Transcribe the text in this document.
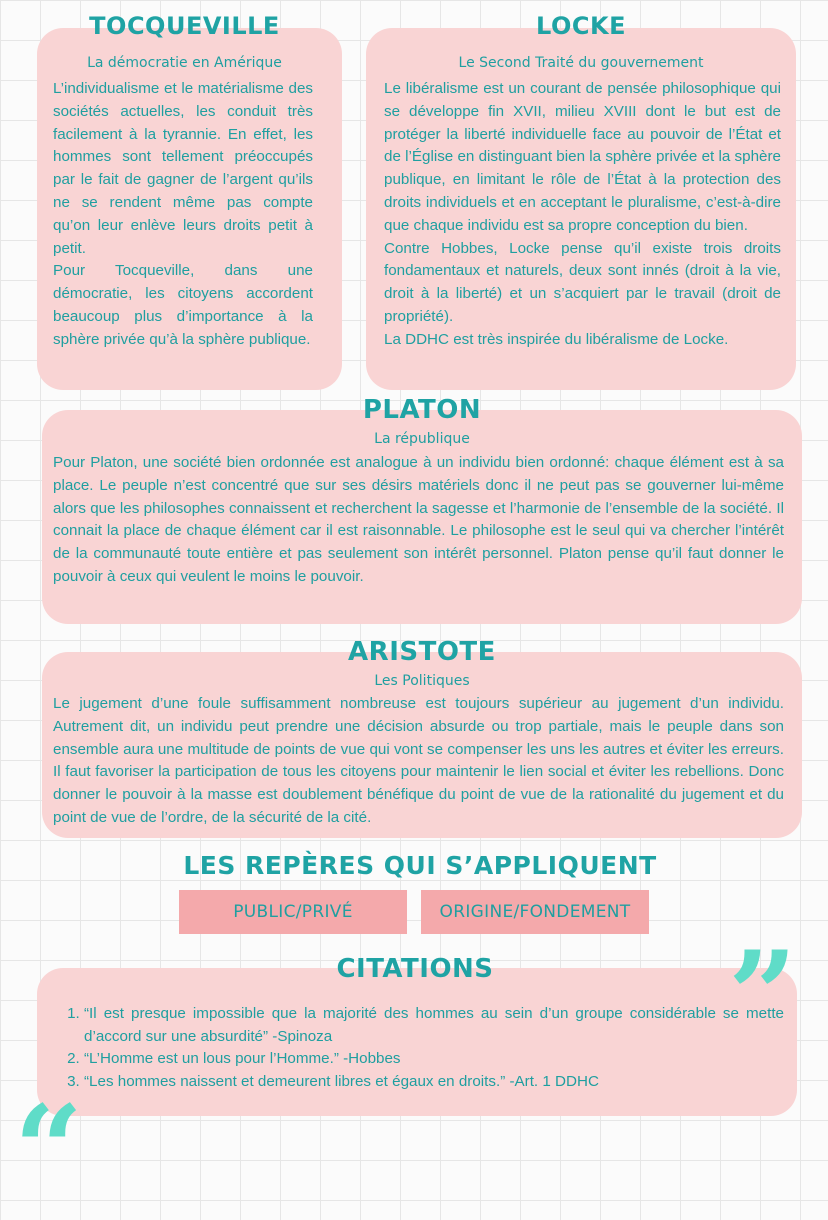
TOCQUEVILLE
La démocratie en Amérique

L’individualisme et le matérialisme des sociétés actuelles, les conduit très facilement à la tyrannie. En effet, les hommes sont tellement préoccupés par le fait de gagner de l’argent qu’ils ne se rendent même pas compte qu’on leur enlève leurs droits petit à petit.

Pour Tocqueville, dans une démocratie, les citoyens accordent beaucoup plus d’importance à la sphère privée qu’à la sphère publique.

LOCKE
Le Second Traité du gouvernement

Le libéralisme est un courant de pensée philosophique qui se développe fin XVII, milieu XVIII dont le but est de protéger la liberté individuelle face au pouvoir de l’État et de l’Église en distinguant bien la sphère privée et la sphère publique, en limitant le rôle de l’État à la protection des droits individuels et en acceptant le pluralisme, c’est-à-dire que chaque individu est sa propre conception du bien.

Contre Hobbes, Locke pense qu’il existe trois droits fondamentaux et naturels, deux sont innés (droit à la vie, droit à la liberté) et un s’acquiert par le travail (droit de propriété).

La DDHC est très inspirée du libéralisme de Locke.

PLATON
La république

Pour Platon, une société bien ordonnée est analogue à un individu bien ordonné: chaque élément est à sa place. Le peuple n’est concentré que sur ses désirs matériels donc il ne peut pas se gouverner lui-même alors que les philosophes connaissent et recherchent la sagesse et l’harmonie de l’ensemble de la société. Il connait la place de chaque élément car il est raisonnable. Le philosophe est le seul qui va chercher l’intérêt de la communauté toute entière et pas seulement son intérêt personnel. Platon pense qu’il faut donner le pouvoir à ceux qui veulent le moins le pouvoir.

ARISTOTE
Les Politiques

Le jugement d’une foule suffisamment nombreuse est toujours supérieur au jugement d’un individu. Autrement dit, un individu peut prendre une décision absurde ou trop partiale, mais le peuple dans son ensemble aura une multitude de points de vue qui vont se compenser les uns les autres et éviter les erreurs. Il faut favoriser la participation de tous les citoyens pour maintenir le lien social et éviter les rebellions. Donc donner le pouvoir à la masse est doublement bénéfique du point de vue de la rationalité du jugement et du point de vue de l’ordre, de la sécurité de la cité.

LES REPÈRES QUI S’APPLIQUENT
PUBLIC/PRIVÉ	ORIGINE/FONDEMENT
CITATIONS
1. “Il est presque impossible que la majorité des hommes au sein d’un groupe considérable se mette d’accord sur une absurdité” -Spinoza
2. “L’Homme est un lous pour l’Homme.” -Hobbes
3. “Les hommes naissent et demeurent libres et égaux en droits.” -Art. 1 DDHC
”
“
